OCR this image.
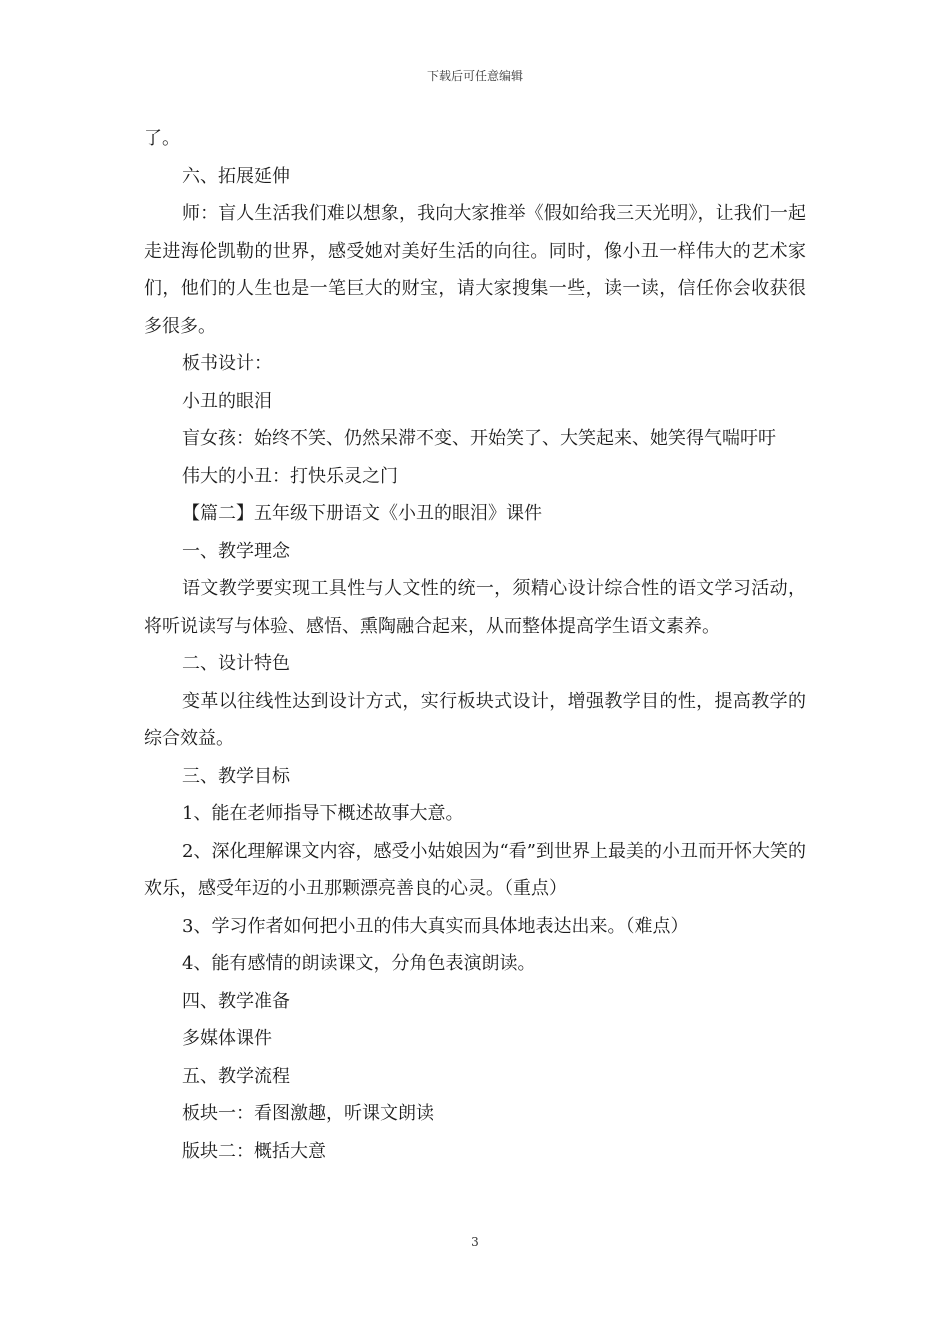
下载后可任意编辑

了。

六、拓展延伸

师：盲人生活我们难以想象，我向大家推举《假如给我三天光明》，让我们一起走进海伦凯勒的世界，感受她对美好生活的向往。同时，像小丑一样伟大的艺术家们，他们的人生也是一笔巨大的财宝，请大家搜集一些，读一读，信任你会收获很多很多。

板书设计：

小丑的眼泪

盲女孩：始终不笑、仍然呆滞不变、开始笑了、大笑起来、她笑得气喘吁吁

伟大的小丑：打快乐灵之门

【篇二】五年级下册语文《小丑的眼泪》课件

一、教学理念

语文教学要实现工具性与人文性的统一，须精心设计综合性的语文学习活动，将听说读写与体验、感悟、熏陶融合起来，从而整体提高学生语文素养。

二、设计特色

变革以往线性达到设计方式，实行板块式设计，增强教学目的性，提高教学的综合效益。

三、教学目标

1、能在老师指导下概述故事大意。

2、深化理解课文内容，感受小姑娘因为“看”到世界上最美的小丑而开怀大笑的欢乐，感受年迈的小丑那颗漂亮善良的心灵。（重点）

3、学习作者如何把小丑的伟大真实而具体地表达出来。（难点）

4、能有感情的朗读课文，分角色表演朗读。

四、教学准备

多媒体课件

五、教学流程

板块一：看图激趣，听课文朗读

版块二：概括大意

3
